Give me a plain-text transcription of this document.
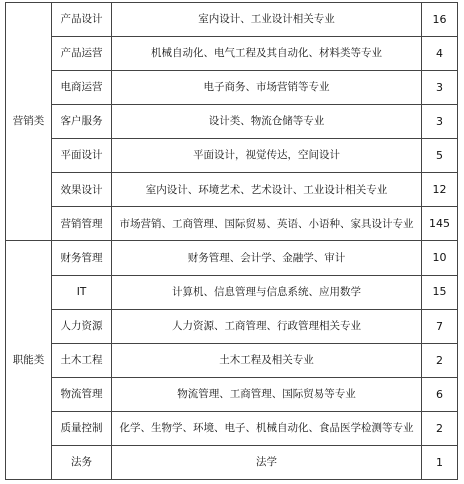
营销类	产品设计	室内设计、工业设计相关专业	16
	产品运营	机械自动化、电气工程及其自动化、材料类等专业	4
	电商运营	电子商务、市场营销等专业	3
	客户服务	设计类、物流仓储等专业	3
	平面设计	平面设计，视觉传达，空间设计	5
	效果设计	室内设计、环境艺术、艺术设计、工业设计相关专业	12
	营销管理	市场营销、工商管理、国际贸易、英语、小语种、家具设计专业	145
职能类	财务管理	财务管理、会计学、金融学、审计	10
	IT	计算机、信息管理与信息系统、应用数学	15
	人力资源	人力资源、工商管理、行政管理相关专业	7
	土木工程	土木工程及相关专业	2
	物流管理	物流管理、工商管理、国际贸易等专业	6
	质量控制	化学、生物学、环境、电子、机械自动化、食品医学检测等专业	2
	法务	法学	1
